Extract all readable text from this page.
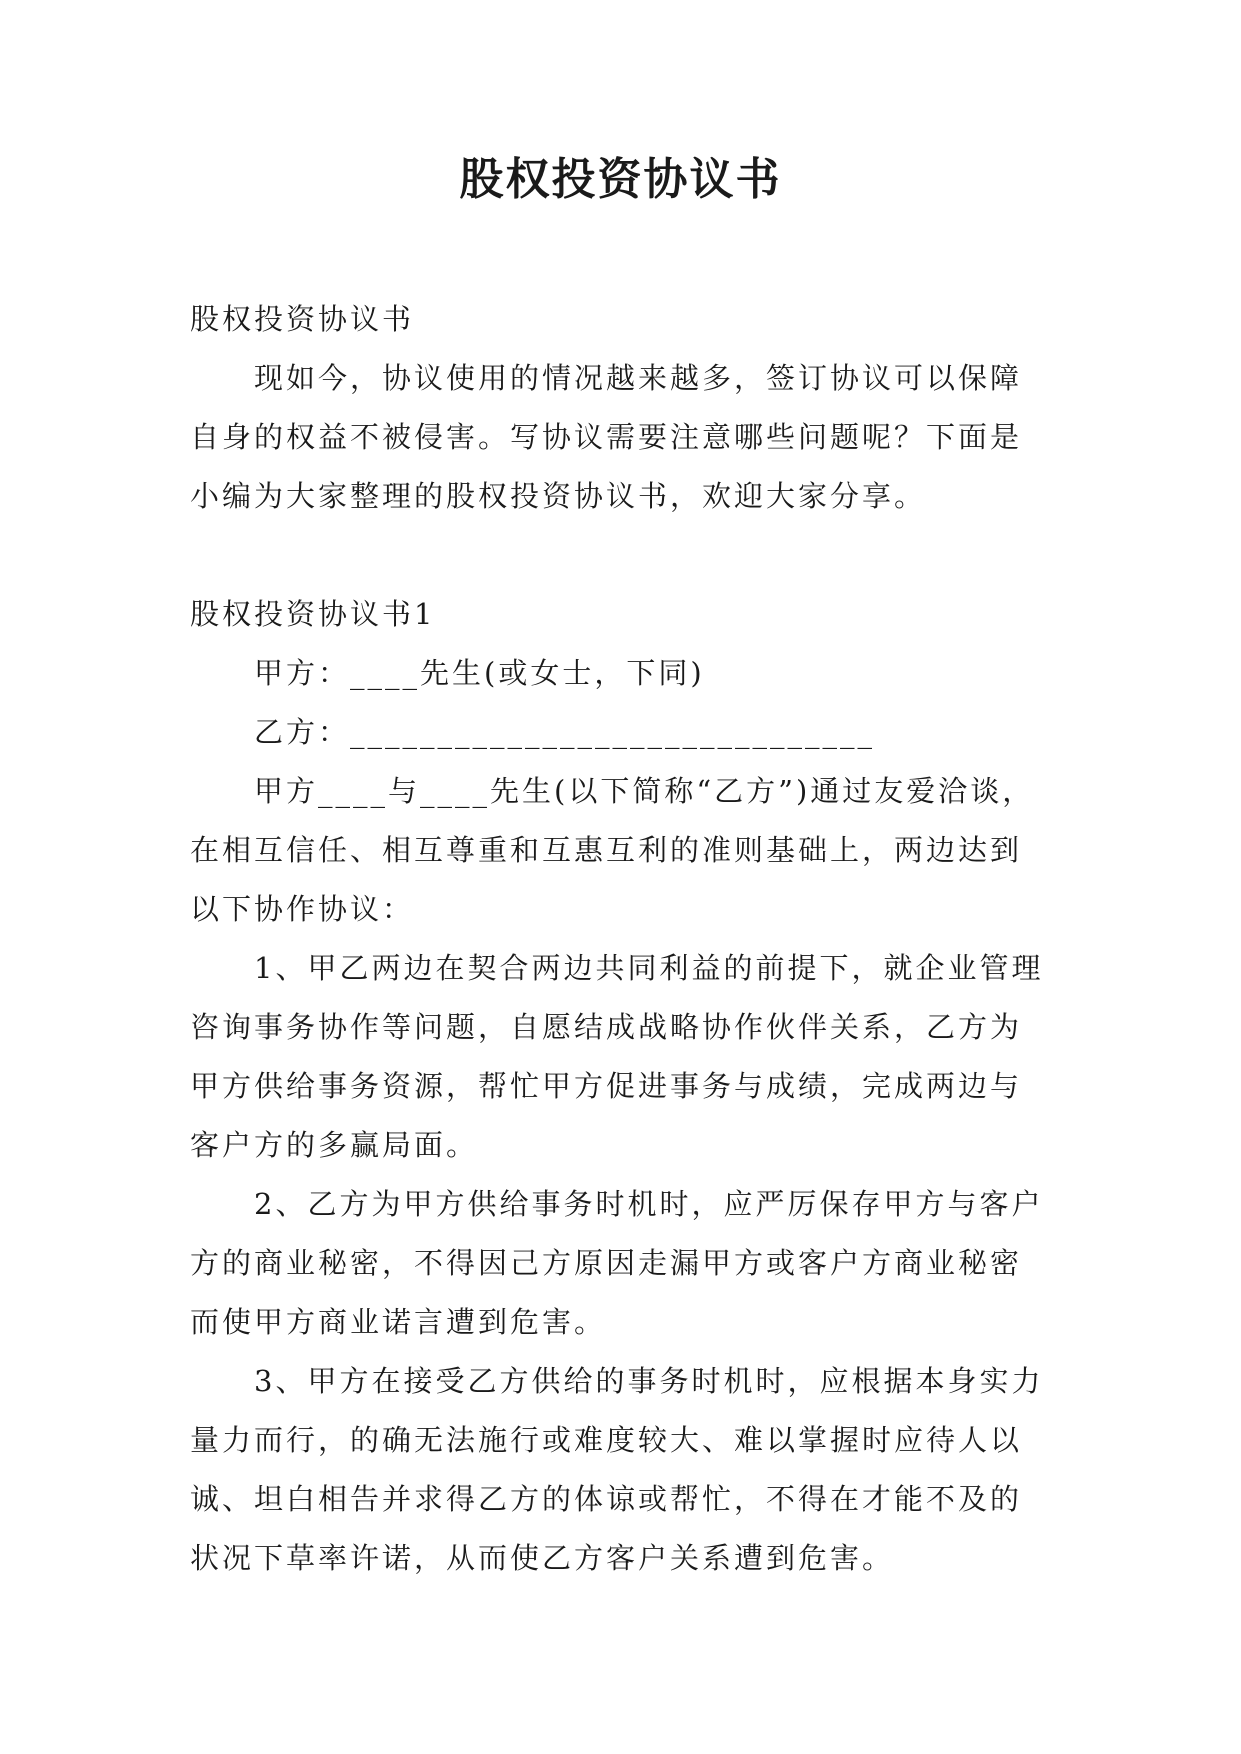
股权投资协议书

股权投资协议书

现如今，协议使用的情况越来越多，签订协议可以保障自身的权益不被侵害。写协议需要注意哪些问题呢？下面是小编为大家整理的股权投资协议书，欢迎大家分享。

股权投资协议书1

甲方：____先生(或女士，下同)

乙方：______________________________

甲方____与____先生(以下简称“乙方”)通过友爱洽谈，在相互信任、相互尊重和互惠互利的准则基础上，两边达到以下协作协议：

1、甲乙两边在契合两边共同利益的前提下，就企业管理咨询事务协作等问题，自愿结成战略协作伙伴关系，乙方为甲方供给事务资源，帮忙甲方促进事务与成绩，完成两边与客户方的多赢局面。

2、乙方为甲方供给事务时机时，应严厉保存甲方与客户方的商业秘密，不得因己方原因走漏甲方或客户方商业秘密而使甲方商业诺言遭到危害。

3、甲方在接受乙方供给的事务时机时，应根据本身实力量力而行，的确无法施行或难度较大、难以掌握时应待人以诚、坦白相告并求得乙方的体谅或帮忙，不得在才能不及的状况下草率许诺，从而使乙方客户关系遭到危害。
